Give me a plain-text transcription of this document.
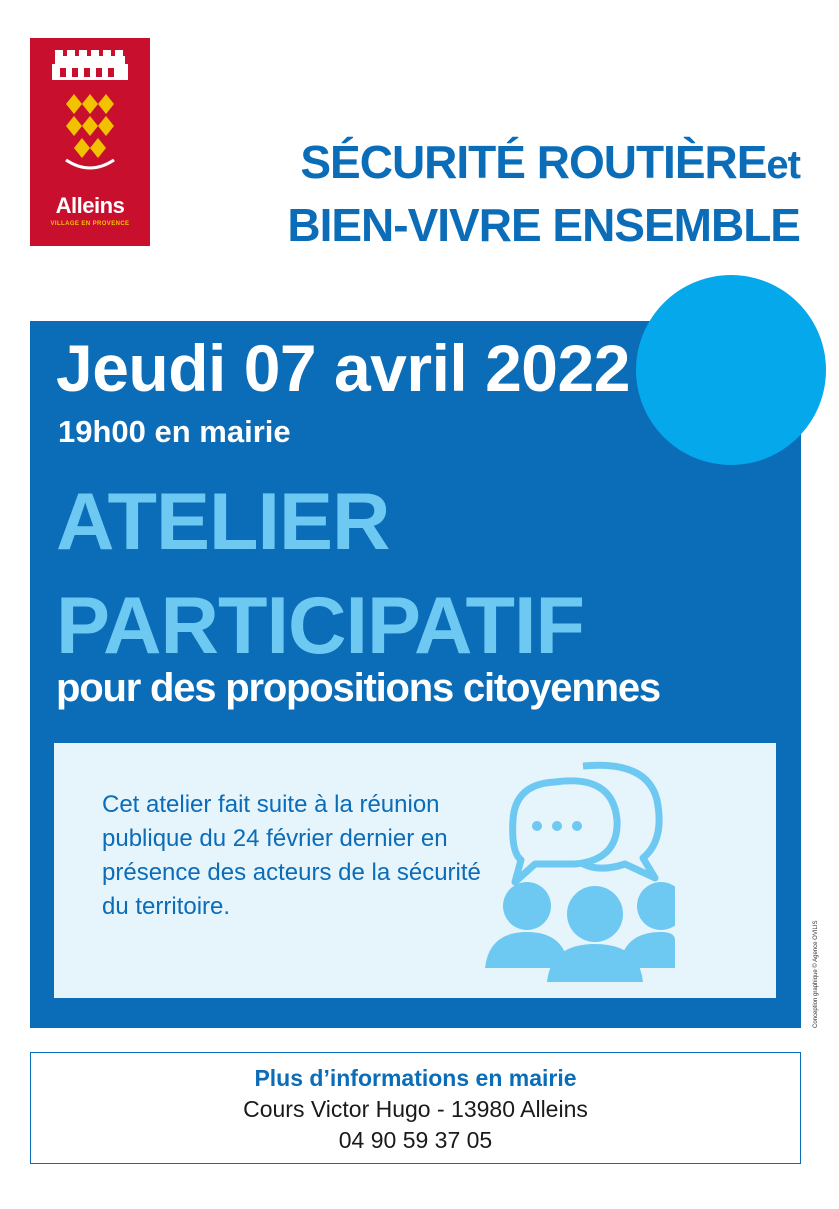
Alleins
VILLAGE EN PROVENCE
SÉCURITÉ ROUTIÈREet
BIEN-VIVRE ENSEMBLE
Jeudi 07 avril 2022
19h00 en mairie
ATELIER
PARTICIPATIF
pour des propositions citoyennes
Cet atelier fait suite à la réunion publique du 24 février dernier en présence des acteurs de la sécurité du territoire.
Conception graphique © Agence OVILIS
Plus d’informations en mairie
Cours Victor Hugo - 13980 Alleins
04 90 59 37 05
